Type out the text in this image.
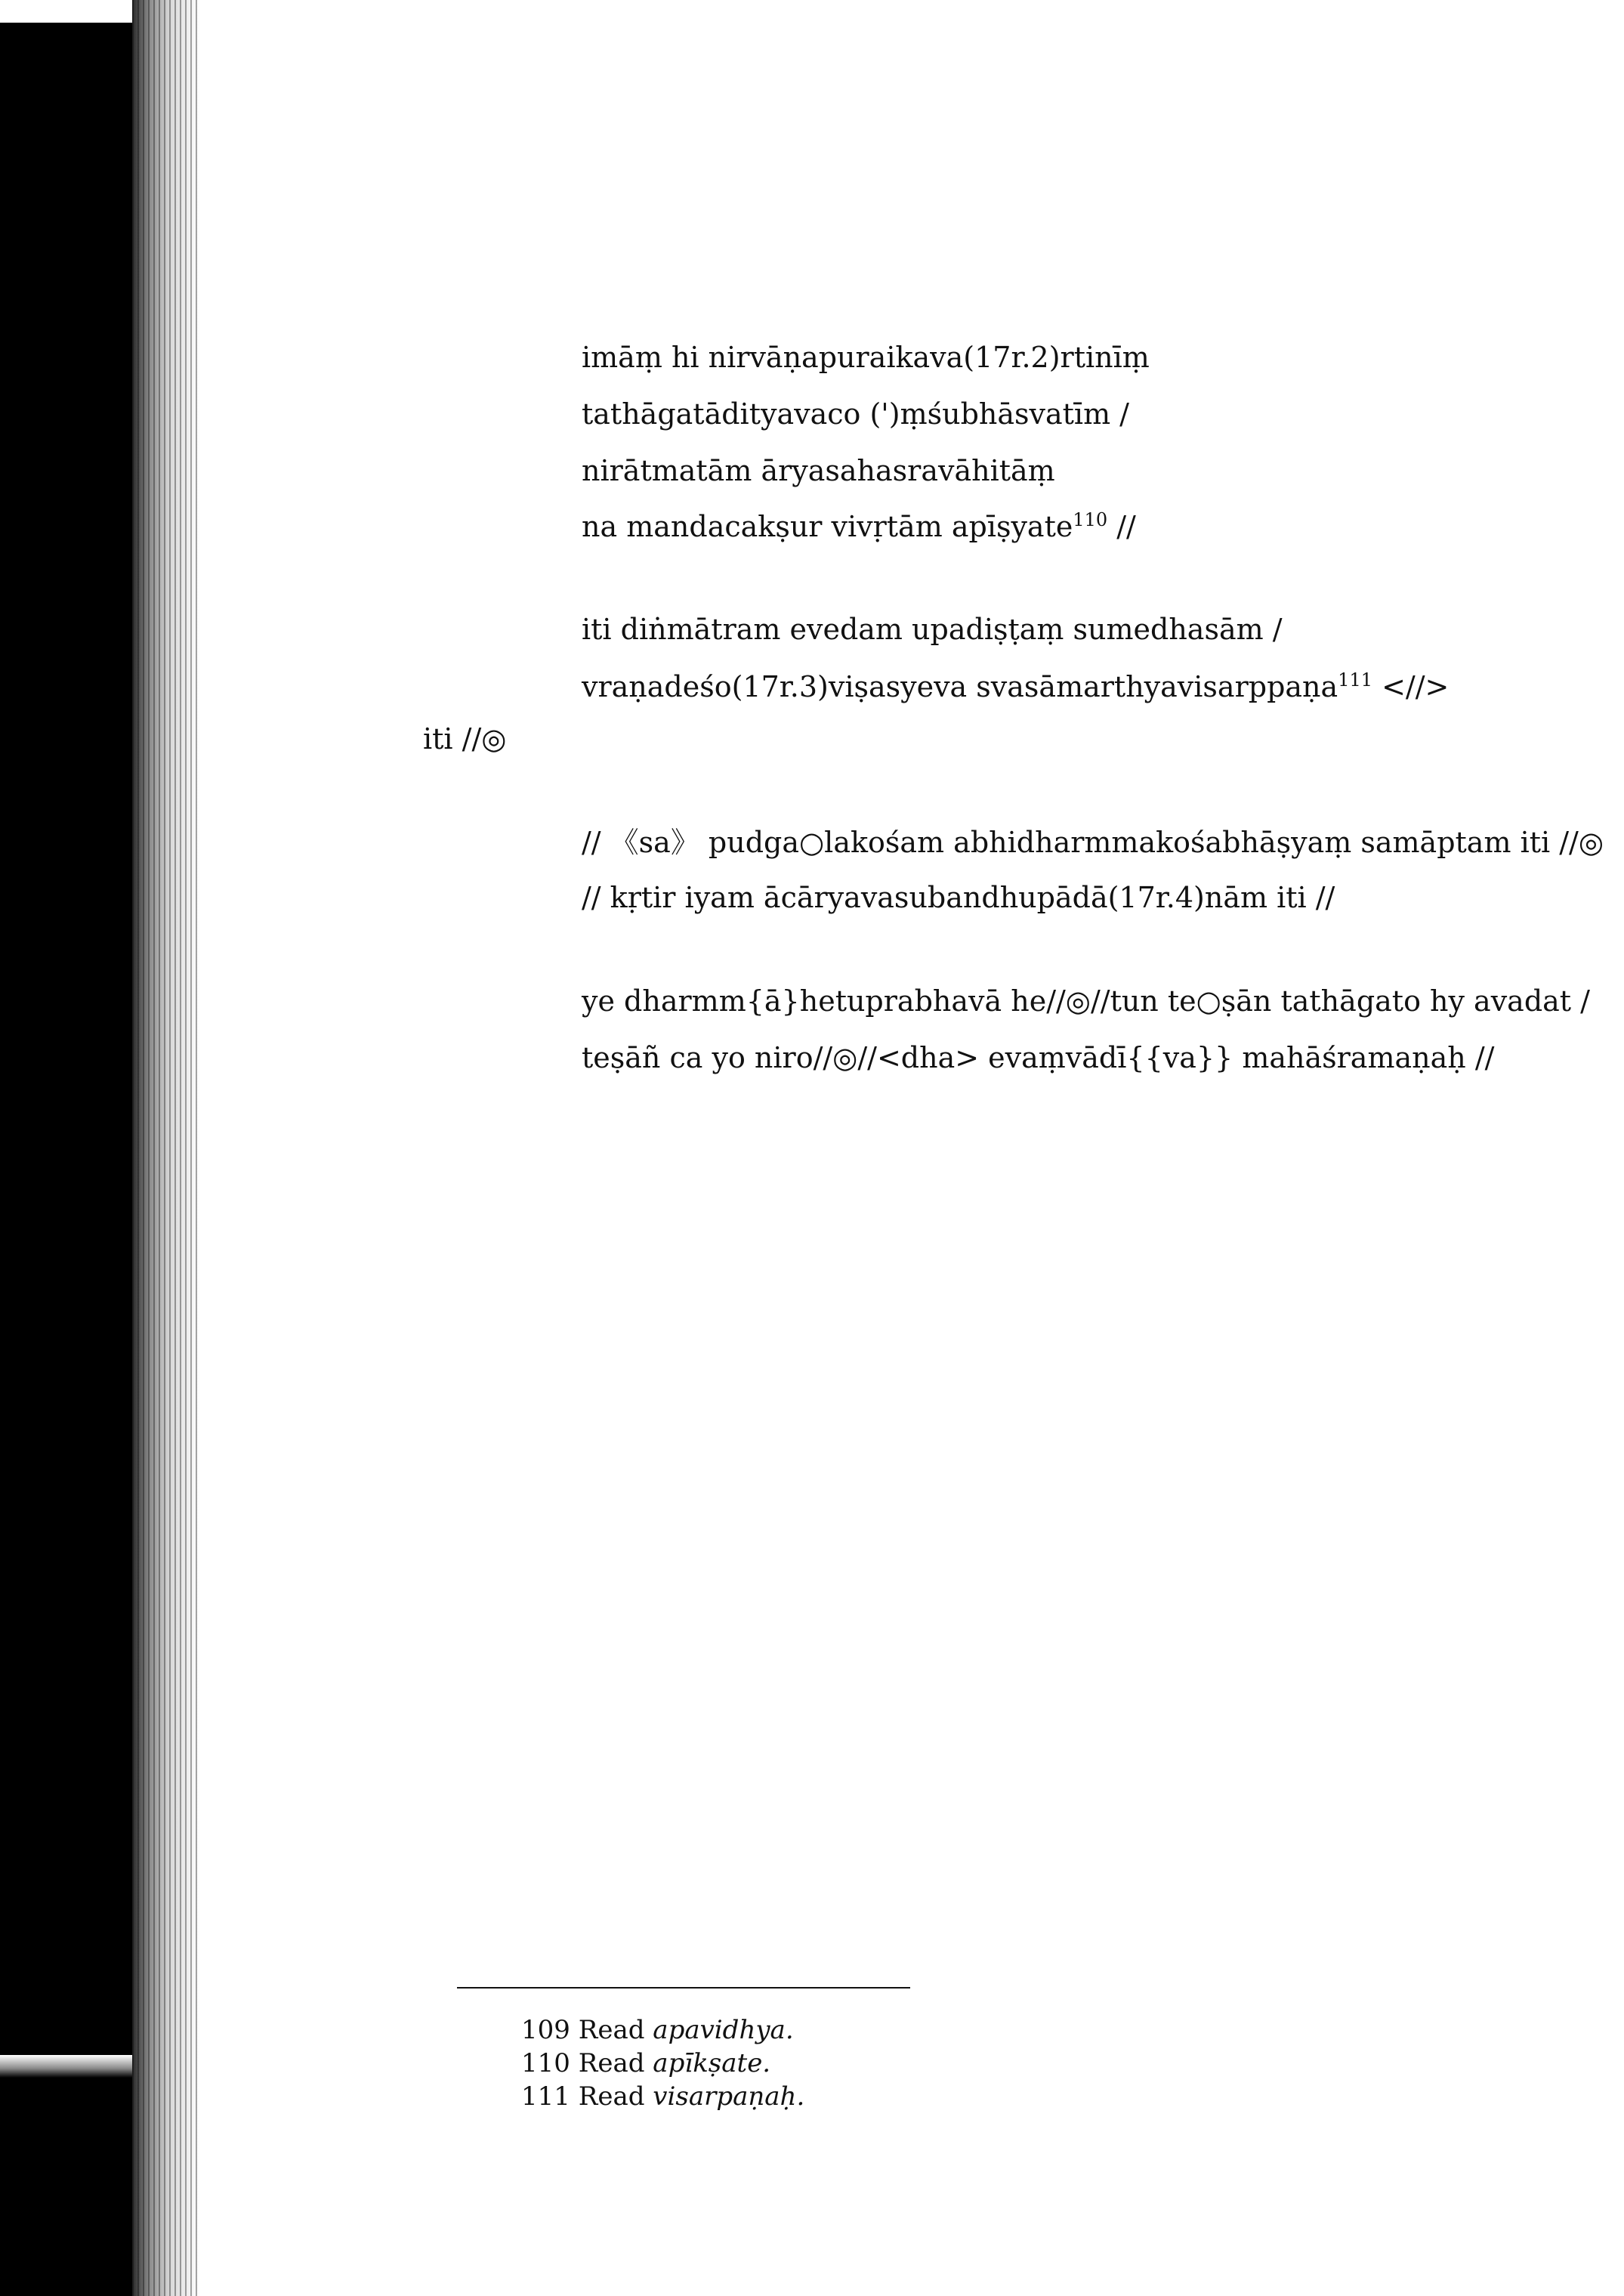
imāṃ hi nirvāṇapuraikava(17r.2)rtinīṃ
tathāgatādityavaco (')ṃśubhāsvatīm /
nirātmatām āryasahasravāhitāṃ
na mandacakṣur vivṛtām apīṣyate$^{110}$ //
iti diṅmātram evedam upadiṣṭaṃ sumedhasām /
vraṇadeśo(17r.3)viṣasyeva svasāmarthyavisarppaṇa$^{111}$ <//>
iti //◎
// 《sa》 pudga○lakośam abhidharmmakośabhāṣyaṃ samāptam iti //◎
// kṛtir iyam ācāryavasubandhupādā(17r.4)nām iti //
ye dharmm{ā}hetuprabhavā he//◎//tun te○ṣān tathāgato hy avadat /
teṣāñ ca yo niro//◎//<dha> evaṃvādī{{va}} mahāśramaṇaḥ //
109 Read apavidhya.
110 Read apīkṣate.
111 Read visarpaṇaḥ.
